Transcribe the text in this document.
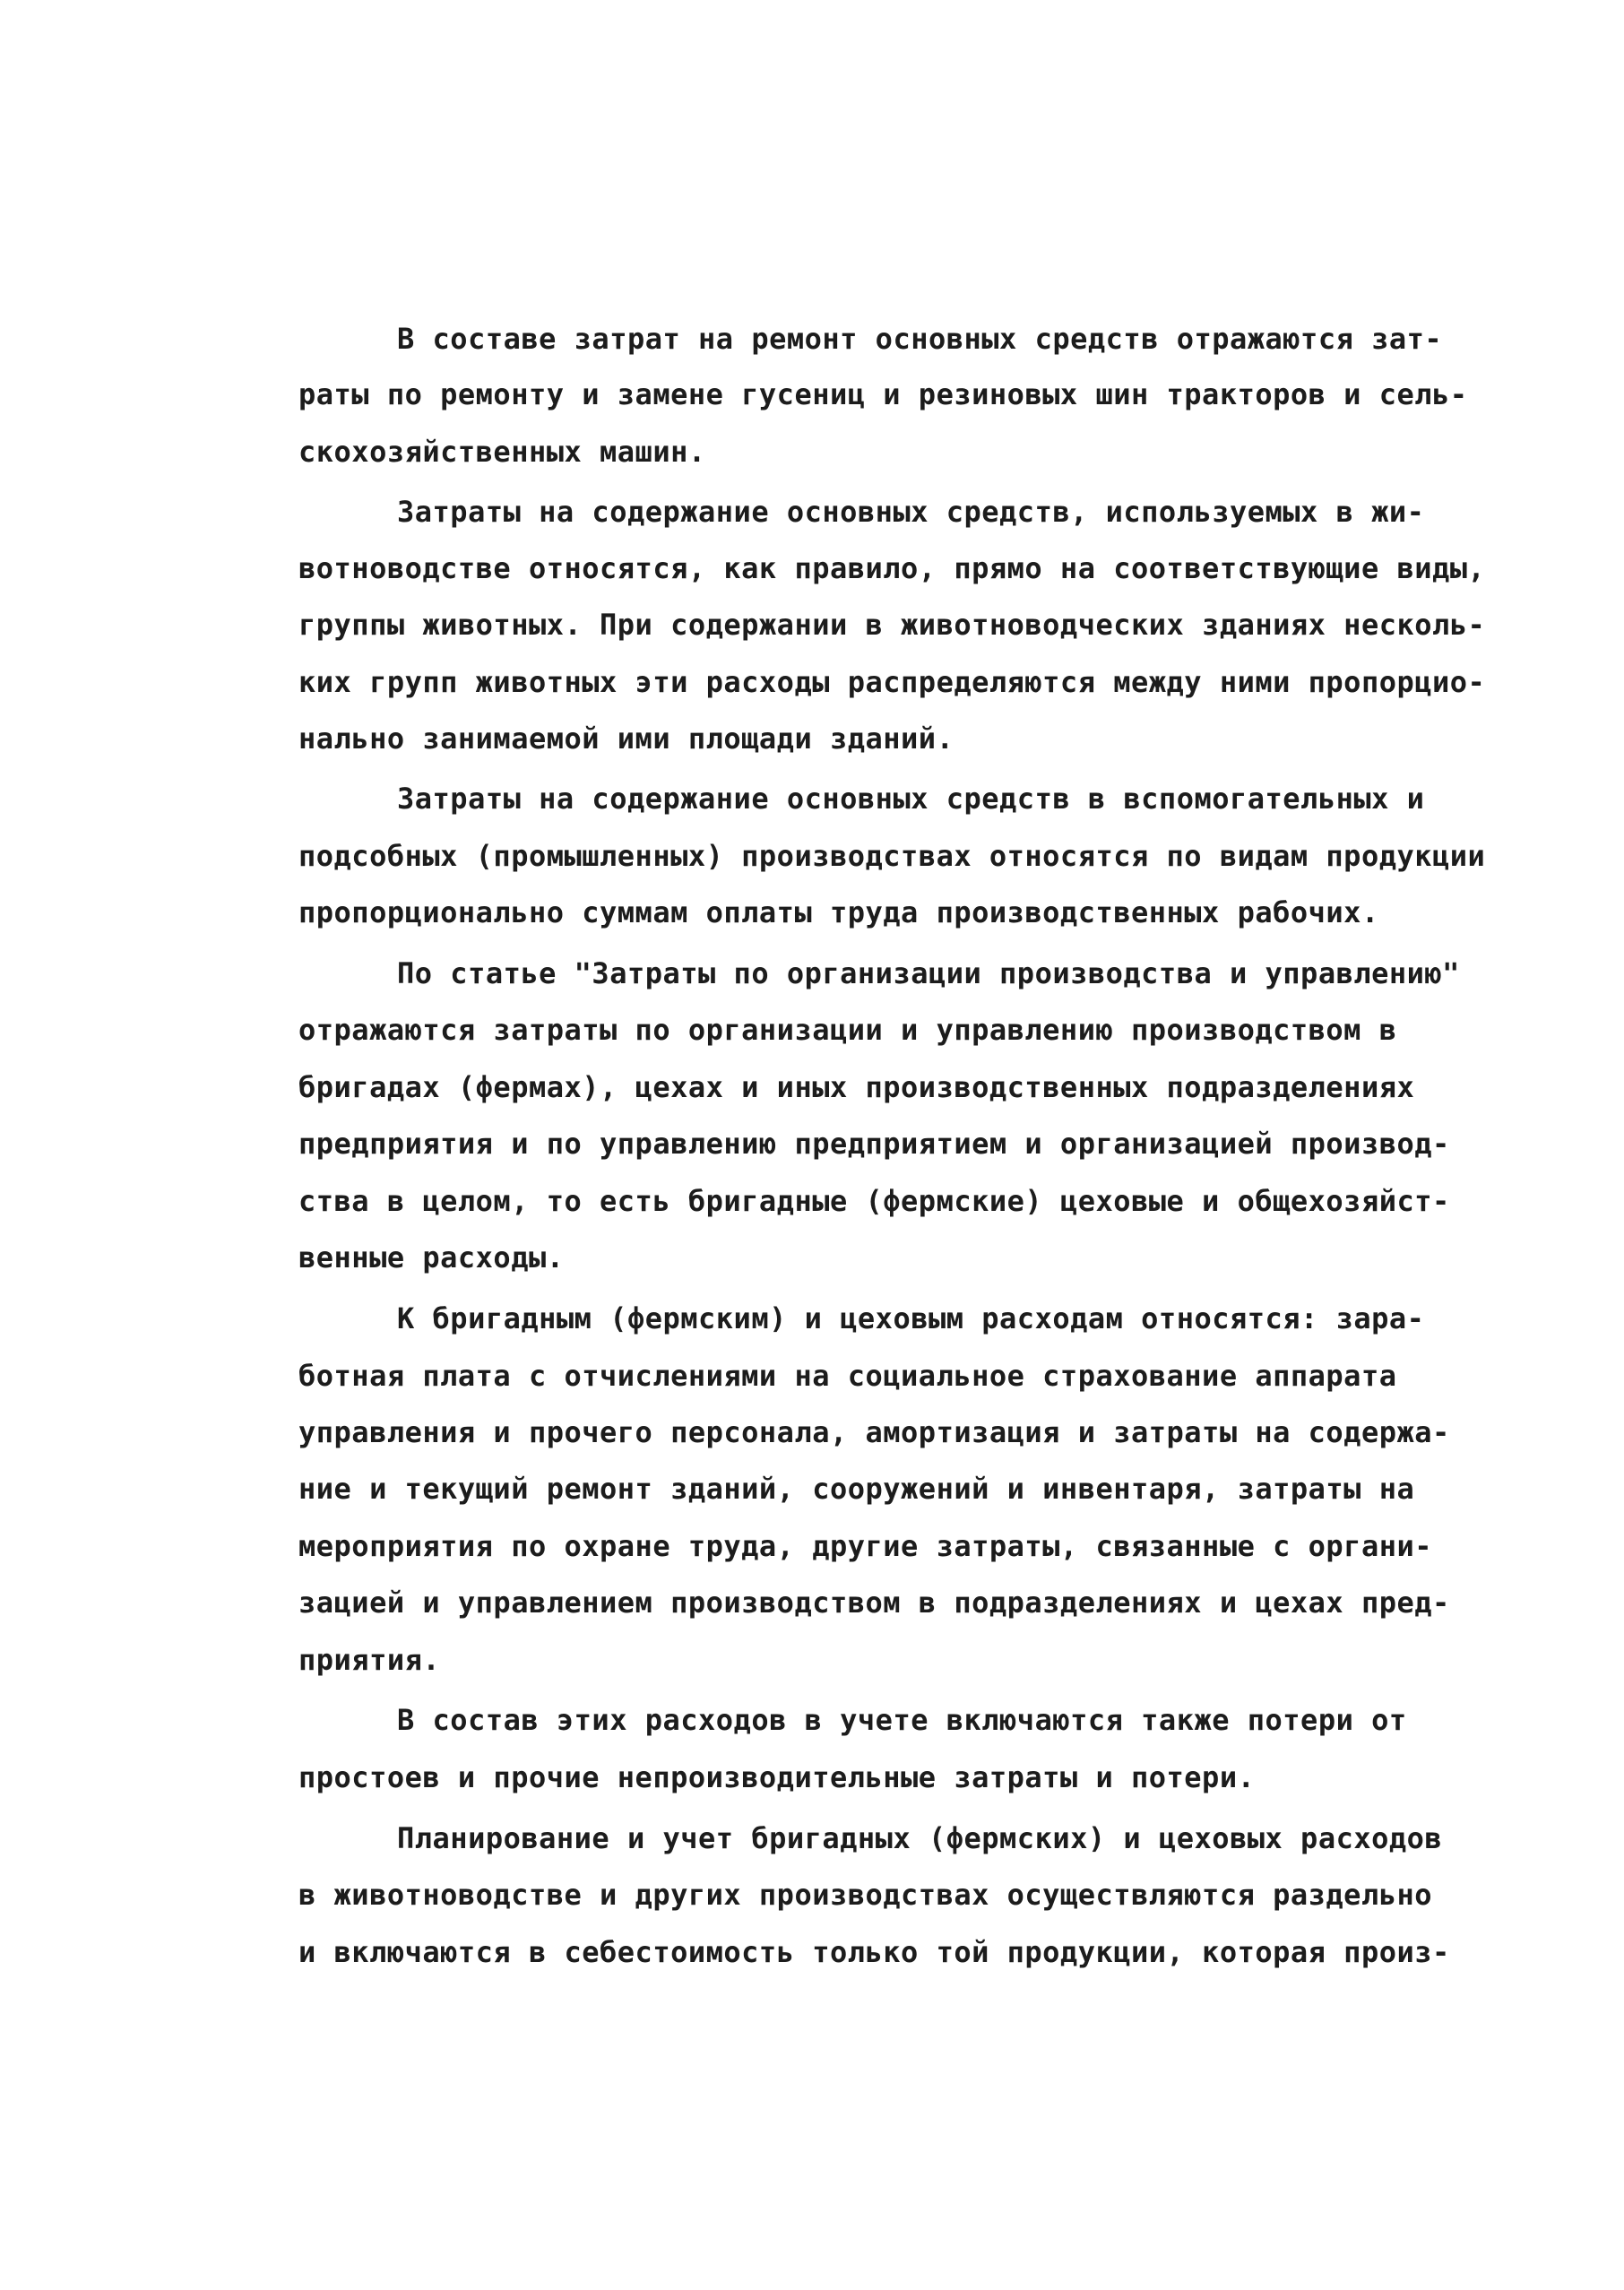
В составе затрат на ремонт основных средств отражаются зат-
раты по ремонту и замене гусениц и резиновых шин тракторов и сель-
скохозяйственных машин.
Затраты на содержание основных средств, используемых в жи-
вотноводстве относятся, как правило, прямо на соответствующие виды,
группы животных. При содержании в животноводческих зданиях несколь-
ких групп животных эти расходы распределяются между ними пропорцио-
нально занимаемой ими площади зданий.
Затраты на содержание основных средств в вспомогательных и
подсобных (промышленных) производствах относятся по видам продукции
пропорционально суммам оплаты труда производственных рабочих.
По статье "Затраты по организации производства и управлению"
отражаются затраты по организации и управлению производством в
бригадах (фермах), цехах и иных производственных подразделениях
предприятия и по управлению предприятием и организацией производ-
ства в целом, то есть бригадные (фермские) цеховые и общехозяйст-
венные расходы.
К бригадным (фермским) и цеховым расходам относятся: зара-
ботная плата с отчислениями на социальное страхование аппарата
управления и прочего персонала, амортизация и затраты на содержа-
ние и текущий ремонт зданий, сооружений и инвентаря, затраты на
мероприятия по охране труда, другие затраты, связанные с органи-
зацией и управлением производством в подразделениях и цехах пред-
приятия.
В состав этих расходов в учете включаются также потери от
простоев и прочие непроизводительные затраты и потери.
Планирование и учет бригадных (фермских) и цеховых расходов
в животноводстве и других производствах осуществляются раздельно
и включаются в себестоимость только той продукции, которая произ-
